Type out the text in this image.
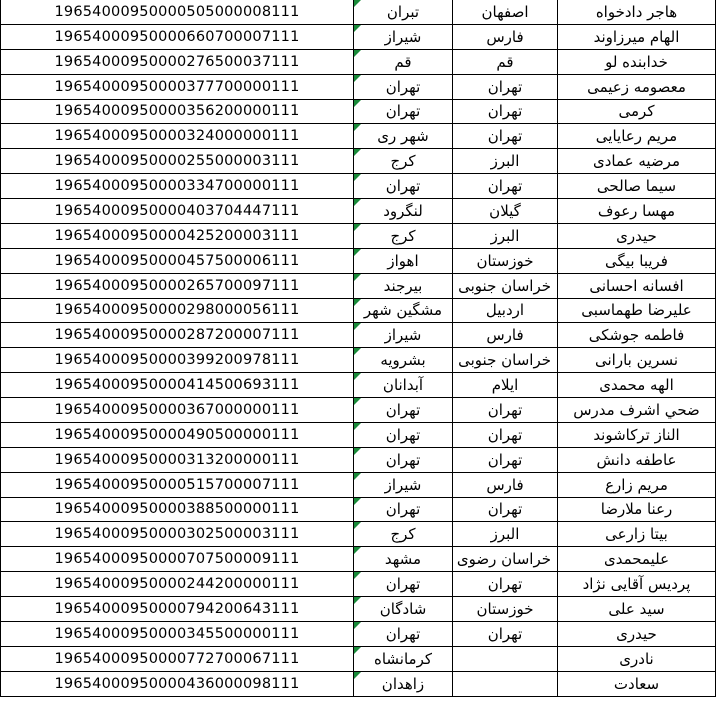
19654000950000505000008111	تبران	اصفهان	هاجر دادخواه
19654000950000660700007111	شیراز	فارس	الهام میرزاوند
19654000950000276500037111	قم	قم	خدابنده لو
19654000950000377700000111	تهران	تهران	معصومه زعیمی
19654000950000356200000111	تهران	تهران	کرمی
19654000950000324000000111	شهر ری	تهران	مریم رعایایی
19654000950000255000003111	کرج	البرز	مرضیه عمادی
19654000950000334700000111	تهران	تهران	سیما صالحی
19654000950000403704447111	لنگرود	گیلان	مهسا رعوف
19654000950000425200003111	کرج	البرز	حیدری
19654000950000457500006111	اهواز	خوزستان	فریبا بیگی
19654000950000265700097111	بیرجند	خراسان جنوبی	افسانه احسانی
19654000950000298000056111	مشگین شهر	اردبیل	علیرضا طهماسبی
19654000950000287200007111	شیراز	فارس	فاطمه جوشکی
19654000950000399200978111	بشرویه	خراسان جنوبی	نسرین بارانی
19654000950000414500693111	آبدانان	ایلام	الهه محمدی
19654000950000367000000111	تهران	تهران	ضحي اشرف مدرس
19654000950000490500000111	تهران	تهران	الناز ترکاشوند
19654000950000313200000111	تهران	تهران	عاطفه دانش
19654000950000515700007111	شیراز	فارس	مریم زارع
19654000950000388500000111	تهران	تهران	رعنا ملارضا
19654000950000302500003111	کرج	البرز	بیتا زارعی
19654000950000707500009111	مشهد	خراسان رضوی	علیمحمدی
19654000950000244200000111	تهران	تهران	پردیس آقایی نژاد
19654000950000794200643111	شادگان	خوزستان	سید علی
19654000950000345500000111	تهران	تهران	حیدری
19654000950000772700067111	کرمانشاه		نادری
19654000950000436000098111	زاهدان		سعادت
